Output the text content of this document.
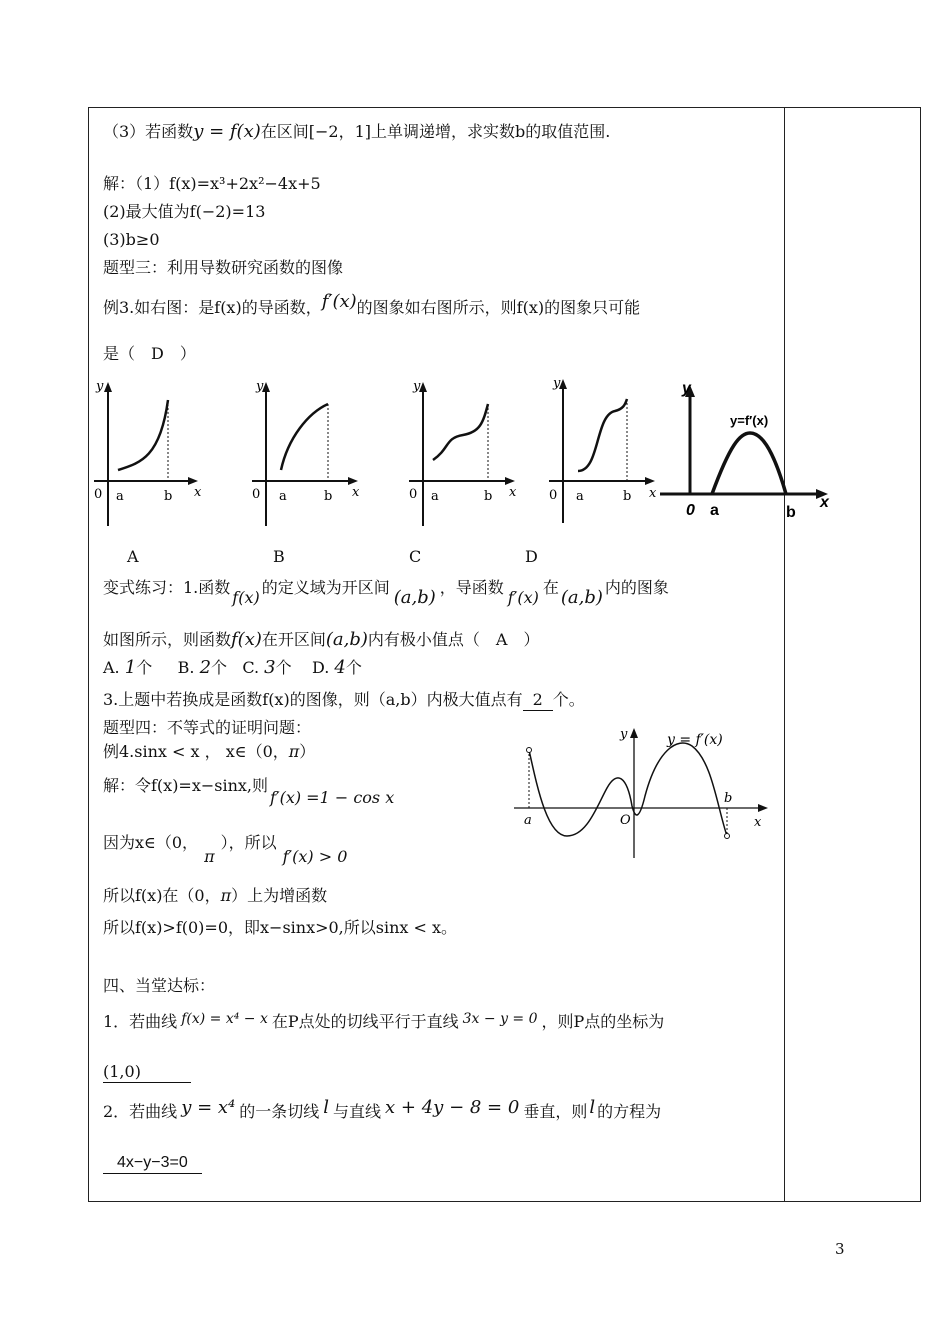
（3）若函数y = f(x)在区间[−2，1]上单调递增，求实数b的取值范围.
解：（1）f(x)=x³+2x²−4x+5
(2)最大值为f(−2)=13
(3)b≥0
题型三：利用导数研究函数的图像
例3.如右图：是f(x)的导函数，f′(x)的图象如右图所示，则f(x)的图象只可能
是（　D　）
y
0 a	b x
y
0 a	b x
y
0 a	b x
y
0 a	b x
y
y=f′(x)
0 a	b
x
A	B	C	D
变式练习：1.函数f(x)的定义域为开区间 (a,b) ，导函数f′(x)在 (a,b) 内的图象
如图所示，则函数f(x)在开区间(a,b)内有极小值点（　A　）
A. 1个 B. 2个 C. 3个 D. 4个
3.上题中若换成是函数f(x)的图像，则（a,b）内极大值点有 2 个。
题型四：不等式的证明问题：
例4.sinx < x ， x∈（0，π）
解：令f(x)=x−sinx,则f′(x) =1 − cos x
因为x∈（0，π），所以f′(x) > 0
所以f(x)在（0，π）上为增函数
所以f(x)>f(0)=0，即x−sinx>0,所以sinx < x。
y	y = f′(x)
a	O
b
x
四、当堂达标：
1．若曲线 f(x) = x⁴ − x 在P点处的切线平行于直线 3x − y = 0 ，则P点的坐标为
(1,0)
2．若曲线 y = x⁴ 的一条切线 l 与直线 x + 4y − 8 = 0 垂直，则 l 的方程为
4x−y−3=0
3
